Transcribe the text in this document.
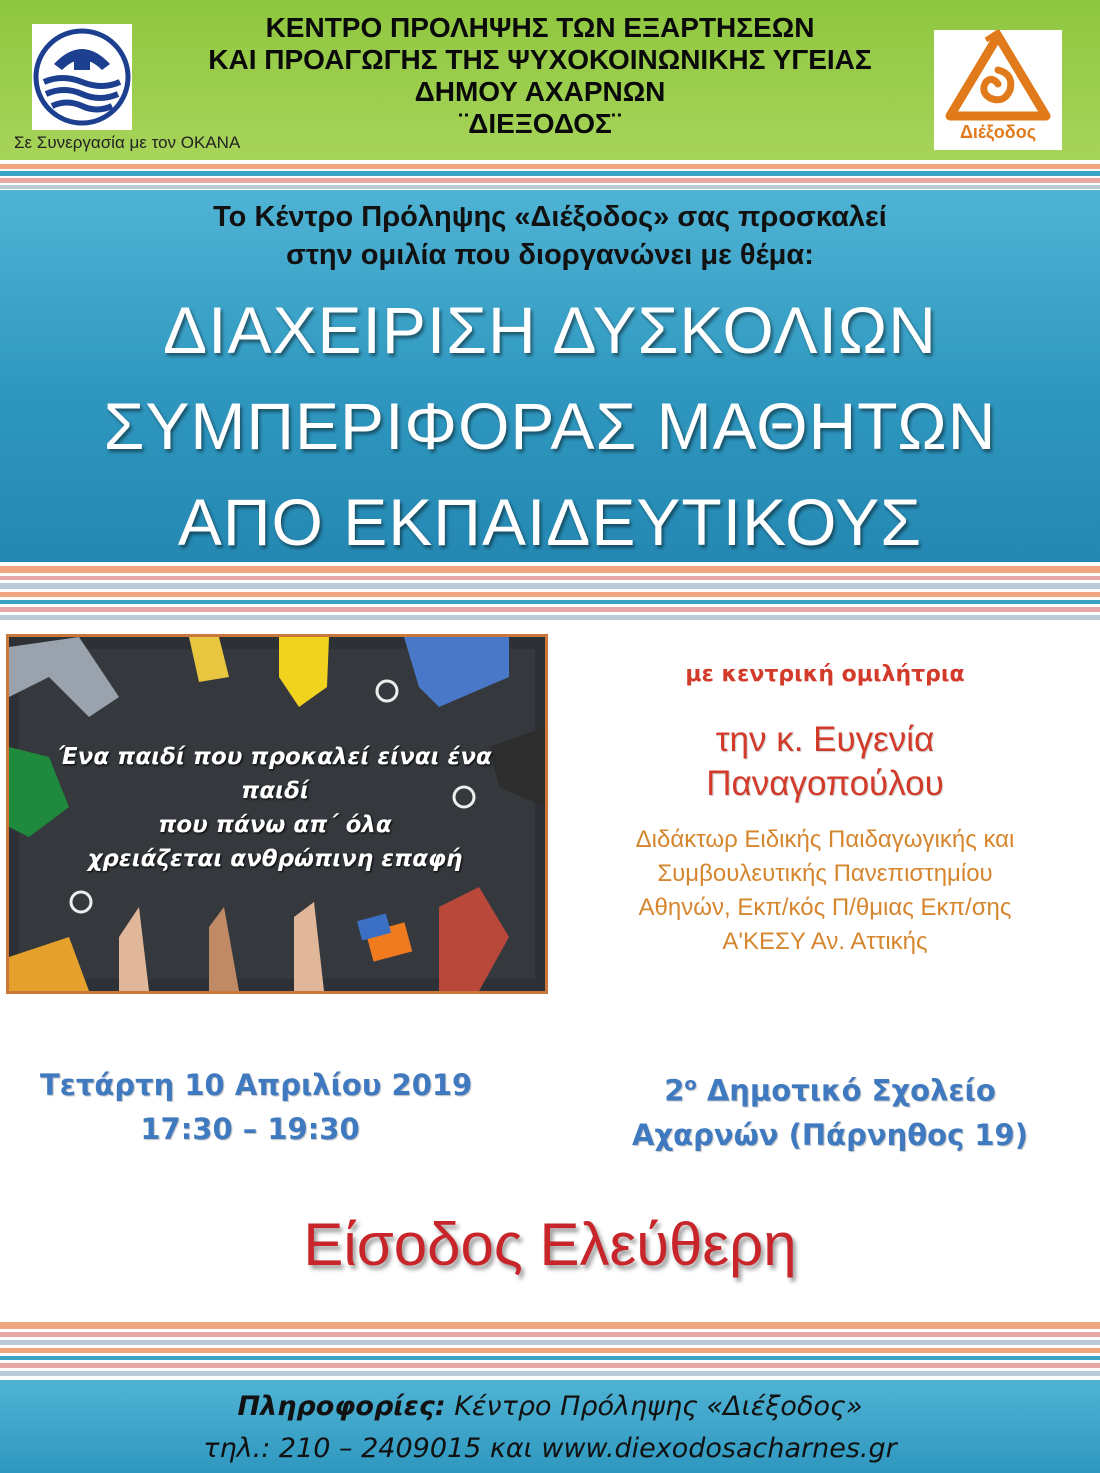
ΚΕΝΤΡΟ ΠΡΟΛΗΨΗΣ ΤΩΝ ΕΞΑΡΤΗΣΕΩΝ
ΚΑΙ ΠΡΟΑΓΩΓΗΣ ΤΗΣ ΨΥΧΟΚΟΙΝΩΝΙΚΗΣ ΥΓΕΙΑΣ
ΔΗΜΟΥ ΑΧΑΡΝΩΝ
¨ΔΙΕΞΟΔΟΣ¨
Σε Συνεργασία με τον ΟΚΑΝΑ
Διέξοδος
Το Κέντρο Πρόληψης «Διέξοδος» σας προσκαλεί
στην ομιλία που διοργανώνει με θέμα:
ΔΙΑΧΕΙΡΙΣΗ ΔΥΣΚΟΛΙΩΝ
ΣΥΜΠΕΡΙΦΟΡΑΣ ΜΑΘΗΤΩΝ
ΑΠΟ ΕΚΠΑΙΔΕΥΤΙΚΟΥΣ
Ένα παιδί που προκαλεί είναι ένα
παιδί
που πάνω απ΄ όλα
χρειάζεται ανθρώπινη επαφή
με κεντρική ομιλήτρια
την κ. Ευγενία
Παναγοπούλου
Διδάκτωρ Ειδικής Παιδαγωγικής και
Συμβουλευτικής Πανεπιστημίου
Αθηνών, Εκπ/κός Π/θμιας Εκπ/σης
Α'ΚΕΣΥ Αν. Αττικής
Τετάρτη 10 Απριλίου 2019
17:30 – 19:30
$2^o$ Δημοτικό Σχολείο
Αχαρνών (Πάρνηθος 19)
Είσοδος Ελεύθερη
Πληροφορίες: Κέντρο Πρόληψης «Διέξοδος»
τηλ.: 210 – 2409015 και www.diexodosacharnes.gr
